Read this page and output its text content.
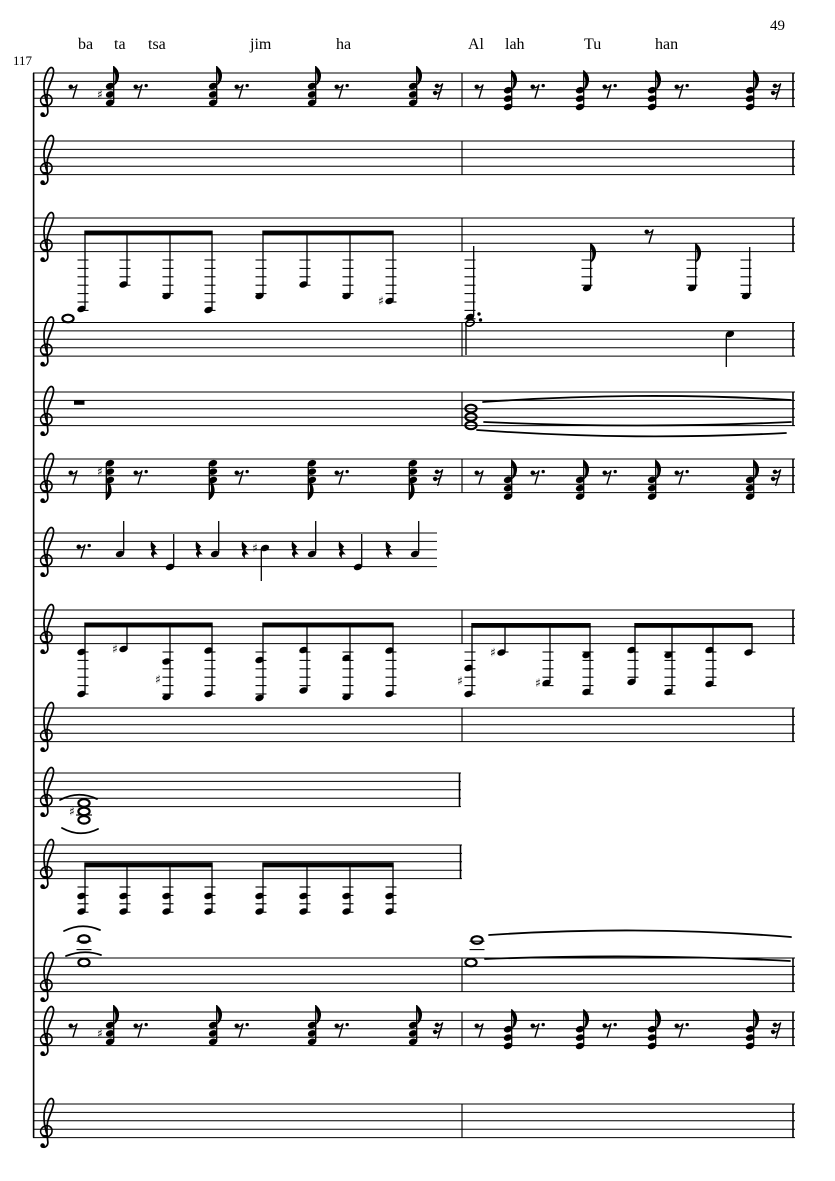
49
117
ba ta tsa	jim	ha	Al lah	Tu	han
♯
♯
♯
♯
♯
♯	♯
♯
♯
♯
♯
